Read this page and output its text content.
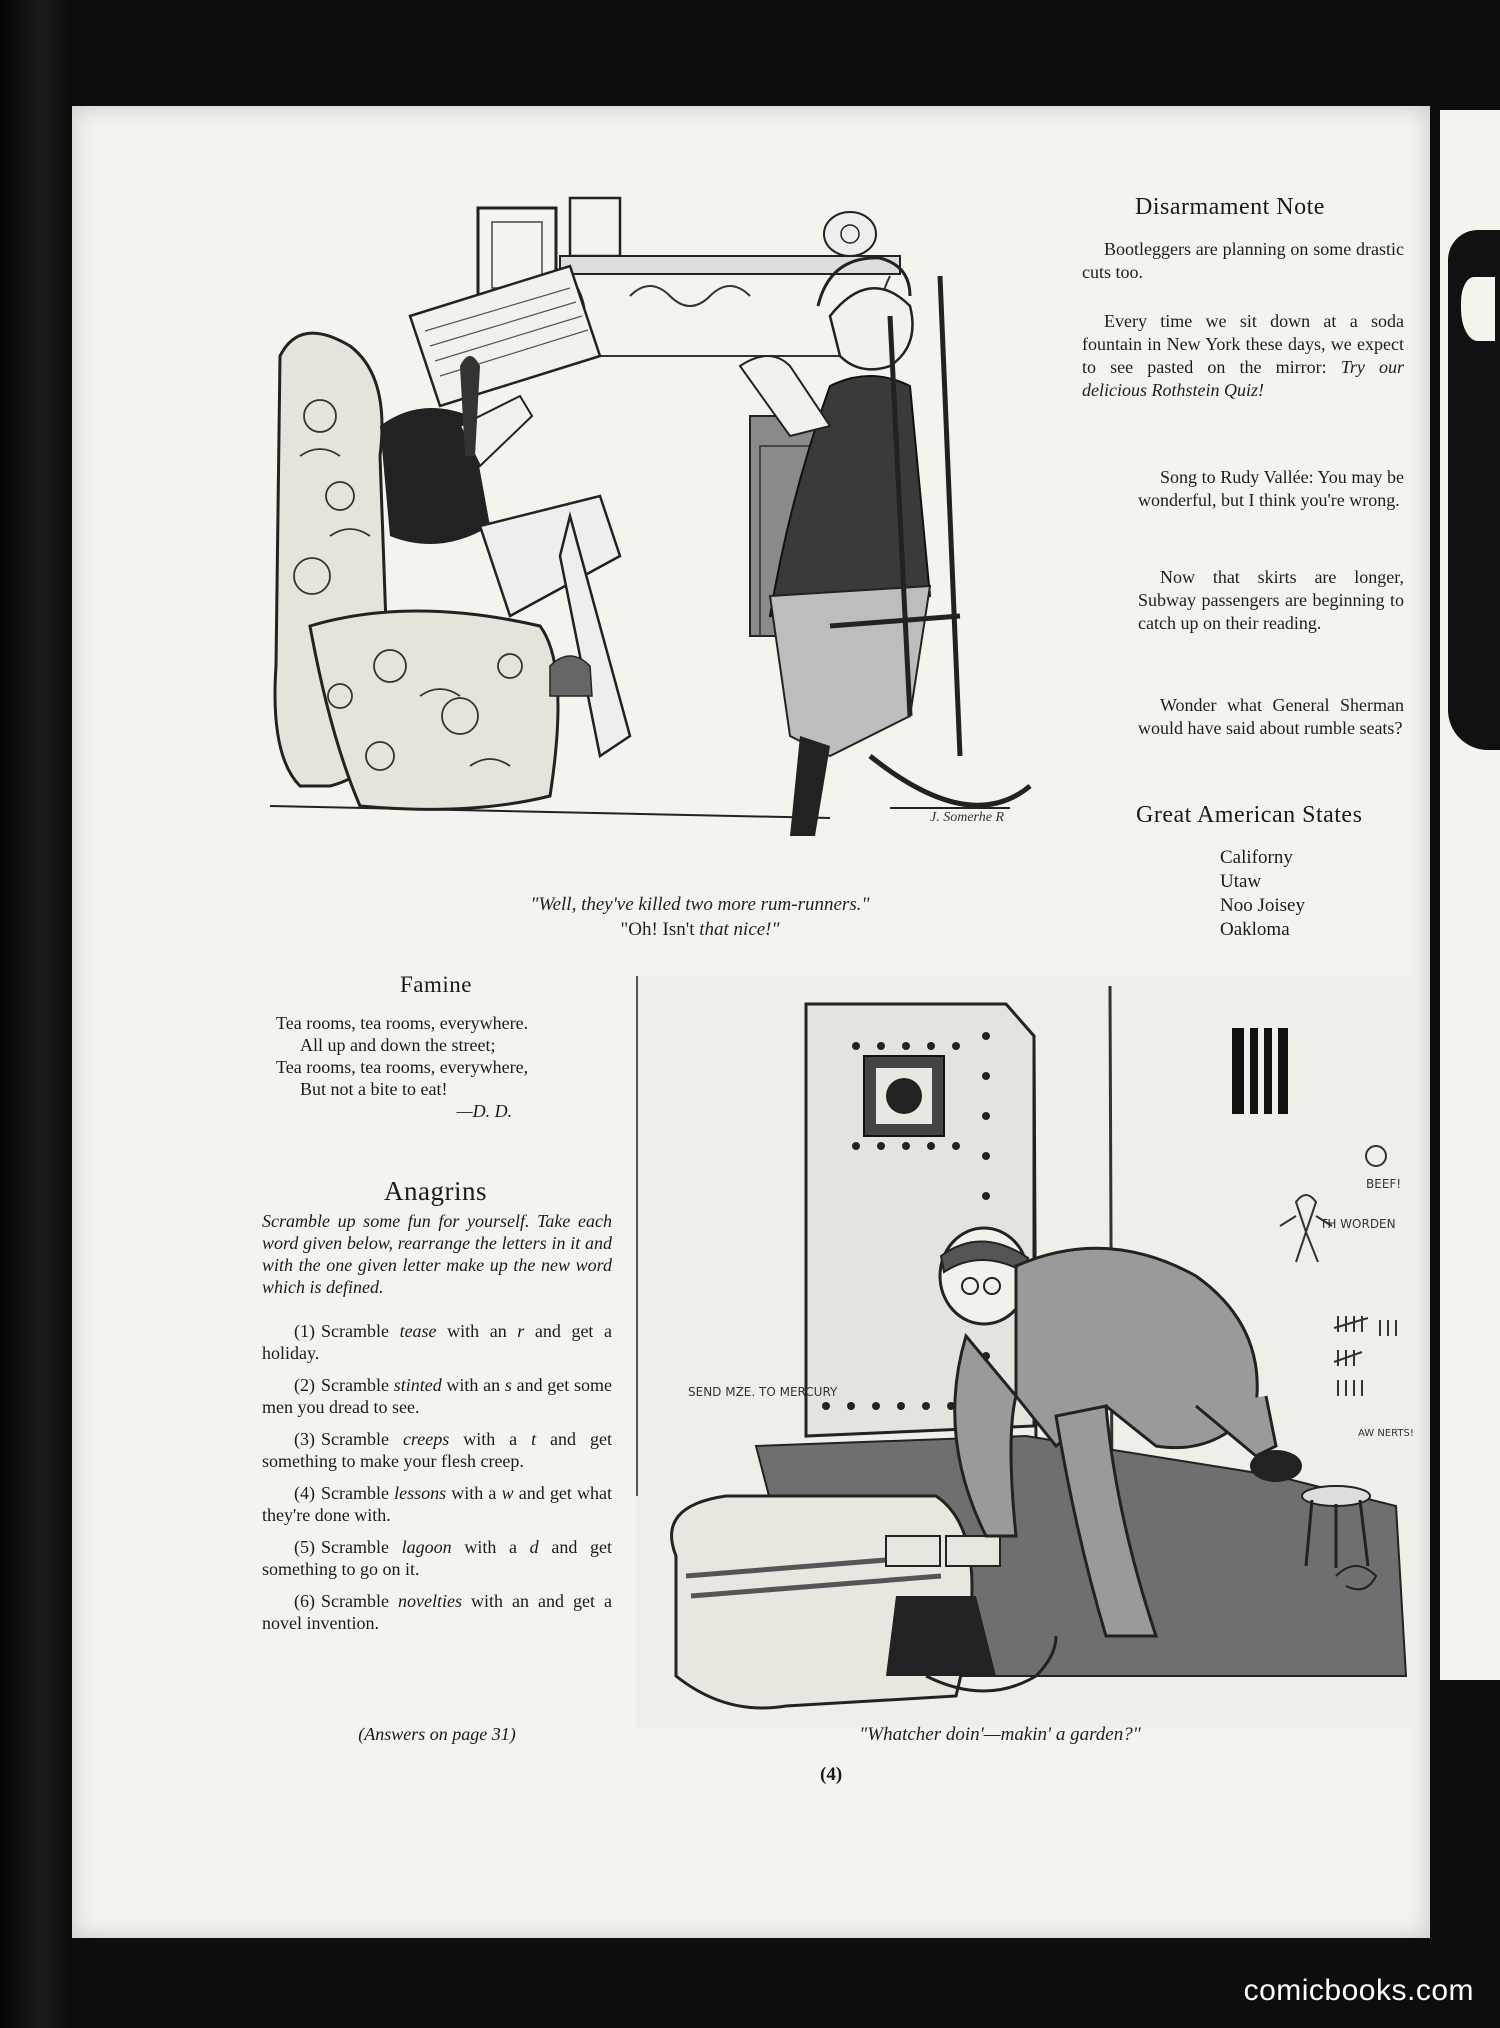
J. Somerhe R
"Well, they've killed two more rum-runners."
"Oh! Isn't that nice!"
Disarmament Note
Bootleggers are planning on some drastic cuts too.
Every time we sit down at a soda fountain in New York these days, we expect to see pasted on the mirror: Try our delicious Rothstein Quiz!
Song to Rudy Vallée: You may be wonderful, but I think you're wrong.
Now that skirts are longer, Subway passengers are beginning to catch up on their reading.
Wonder what General Sherman would have said about rumble seats?
Great American States
Californy
Utaw
Noo Joisey
Oakloma
Famine
Tea rooms, tea rooms, everywhere.
All up and down the street;
Tea rooms, tea rooms, everywhere,
But not a bite to eat!
—D. D.
Anagrins
Scramble up some fun for yourself. Take each word given below, rearrange the letters in it and with the one given letter make up the new word which is defined.

(1) Scramble tease with an r and get a holiday.

(2) Scramble stinted with an s and get some men you dread to see.

(3) Scramble creeps with a t and get something to make your flesh creep.

(4) Scramble lessons with a w and get what they're done with.

(5) Scramble lagoon with a d and get something to go on it.

(6) Scramble novelties with an and get a novel invention.

(Answers on page 31)
BEEF!
TH WORDEN
AW NERTS!
SEND MZE. TO MERCURY
"Whatcher doin'—makin' a garden?"
(4)
comicbooks.com
